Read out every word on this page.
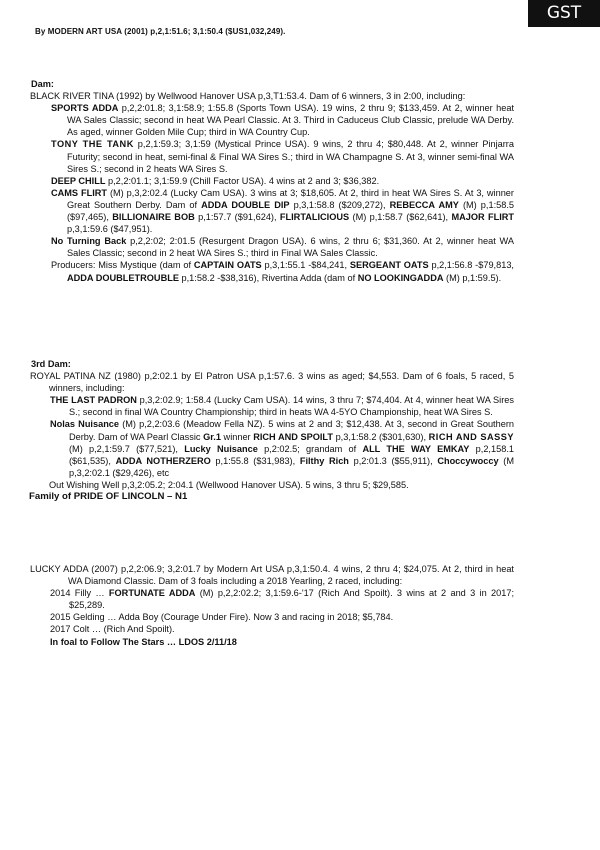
GST
By MODERN ART USA (2001) p,2,1:51.6; 3,1:50.4 ($US1,032,249).
Dam:
BLACK RIVER TINA (1992) by Wellwood Hanover USA p,3,T1:53.4. Dam of 6 winners, 3 in 2:00, including:
SPORTS ADDA p,2,2:01.8; 3,1:58.9; 1:55.8 (Sports Town USA). 19 wins, 2 thru 9; $133,459. At 2, winner heat WA Sales Classic; second in heat WA Pearl Classic. At 3. Third in Caduceus Club Classic, prelude WA Derby. As aged, winner Golden Mile Cup; third in WA Country Cup.
TONY THE TANK p,2,1:59.3; 3,1:59 (Mystical Prince USA). 9 wins, 2 thru 4; $80,448. At 2, winner Pinjarra Futurity; second in heat, semi-final & Final WA Sires S.; third in WA Champagne S. At 3, winner semi-final WA Sires S.; second in 2 heats WA Sires S.
DEEP CHILL p,2,2:01.1; 3,1:59.9 (Chill Factor USA). 4 wins at 2 and 3; $36,382.
CAMS FLIRT (M) p,3,2:02.4 (Lucky Cam USA). 3 wins at 3; $18,605. At 2, third in heat WA Sires S. At 3, winner Great Southern Derby. Dam of ADDA DOUBLE DIP p,3,1:58.8 ($209,272), REBECCA AMY (M) p,1:58.5 ($97,465), BILLIONAIRE BOB p,1:57.7 ($91,624), FLIRTALICIOUS (M) p,1:58.7 ($62,641), MAJOR FLIRT p,3,1:59.6 ($47,951).
No Turning Back p,2,2:02; 2:01.5 (Resurgent Dragon USA). 6 wins, 2 thru 6; $31,360. At 2, winner heat WA Sales Classic; second in 2 heat WA Sires S.; third in Final WA Sales Classic.
Producers: Miss Mystique (dam of CAPTAIN OATS p,3,1:55.1 -$84,241, SERGEANT OATS p,2,1:56.8 -$79,813, ADDA DOUBLETROUBLE p,1:58.2 -$38,316), Rivertina Adda (dam of NO LOOKINGADDA (M) p,1:59.5).
3rd Dam:
ROYAL PATINA NZ (1980) p,2:02.1 by El Patron USA p,1:57.6. 3 wins as aged; $4,553. Dam of 6 foals, 5 raced, 5 winners, including:
THE LAST PADRON p,3,2:02.9; 1:58.4 (Lucky Cam USA). 14 wins, 3 thru 7; $74,404. At 4, winner heat WA Sires S.; second in final WA Country Championship; third in heats WA 4-5YO Championship, heat WA Sires S.
Nolas Nuisance (M) p,2,2:03.6 (Meadow Fella NZ). 5 wins at 2 and 3; $12,438. At 3, second in Great Southern Derby. Dam of WA Pearl Classic Gr.1 winner RICH AND SPOILT p,3,1:58.2 ($301,630), RICH AND SASSY (M) p,2,1:59.7 ($77,521), Lucky Nuisance p,2:02.5; grandam of ALL THE WAY EMKAY p,2,158.1 ($61,535), ADDA NOTHERZERO p,1:55.8 ($31,983), Filthy Rich p,2:01.3 ($55,911), Choccywoccy (M p,3,2:02.1 ($29,426), etc
Out Wishing Well p,3,2:05.2; 2:04.1 (Wellwood Hanover USA). 5 wins, 3 thru 5; $29,585.
Family of PRIDE OF LINCOLN – N1
LUCKY ADDA (2007) p,2,2:06.9; 3,2:01.7 by Modern Art USA p,3,1:50.4. 4 wins, 2 thru 4; $24,075. At 2, third in heat WA Diamond Classic. Dam of 3 foals including a 2018 Yearling, 2 raced, including:
2014 Filly … FORTUNATE ADDA (M) p,2,2:02.2; 3,1:59.6-'17 (Rich And Spoilt). 3 wins at 2 and 3 in 2017; $25,289.
2015 Gelding … Adda Boy (Courage Under Fire). Now 3 and racing in 2018; $5,784.
2017 Colt … (Rich And Spoilt).
In foal to Follow The Stars … LDOS 2/11/18
